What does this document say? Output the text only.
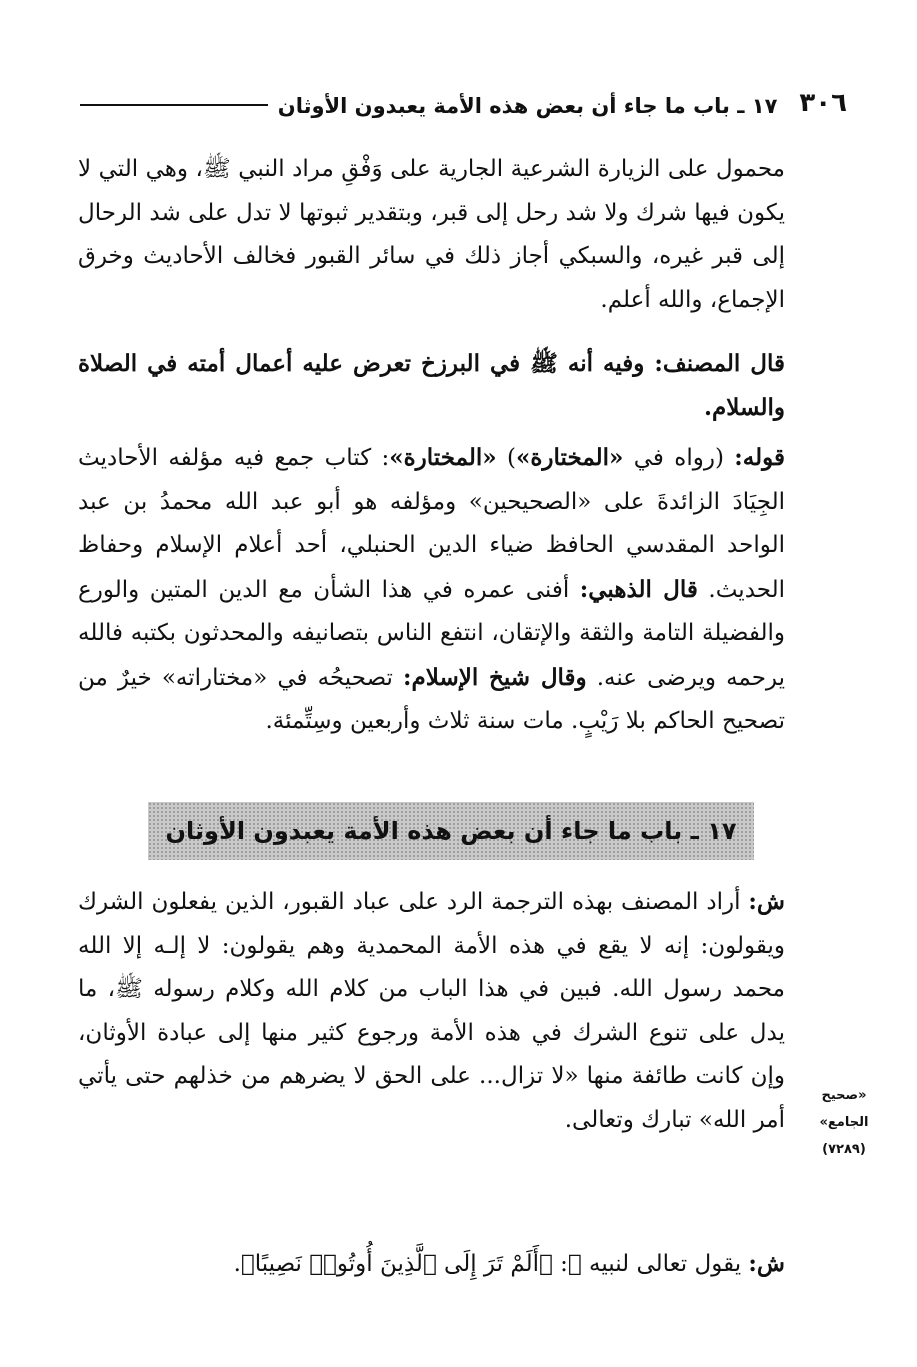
٣٠٦
١٧ ـ باب ما جاء أن بعض هذه الأمة يعبدون الأوثان
محمول على الزيارة الشرعية الجارية على وَفْقِ مراد النبي ﷺ، وهي التي لا يكون فيها شرك ولا شد رحل إلى قبر، وبتقدير ثبوتها لا تدل على شد الرحال إلى قبر غيره، والسبكي أجاز ذلك في سائر القبور فخالف الأحاديث وخرق الإجماع، والله أعلم.
قال المصنف: وفيه أنه ﷺ في البرزخ تعرض عليه أعمال أمته في الصلاة والسلام.
قوله: (رواه في «المختارة») «المختارة»: كتاب جمع فيه مؤلفه الأحاديث الجِيَادَ الزائدةَ على «الصحيحين» ومؤلفه هو أبو عبد الله محمدُ بن عبد الواحد المقدسي الحافظ ضياء الدين الحنبلي، أحد أعلام الإسلام وحفاظ الحديث. قال الذهبي: أفنى عمره في هذا الشأن مع الدين المتين والورع والفضيلة التامة والثقة والإتقان، انتفع الناس بتصانيفه والمحدثون بكتبه فالله يرحمه ويرضى عنه. وقال شيخ الإسلام: تصحيحُه في «مختاراته» خيرٌ من تصحيح الحاكم بلا رَيْبٍ. مات سنة ثلاث وأربعين وسِتِّمئة.
١٧ ـ باب ما جاء أن بعض هذه الأمة يعبدون الأوثان
ش: أراد المصنف بهذه الترجمة الرد على عباد القبور، الذين يفعلون الشرك ويقولون: إنه لا يقع في هذه الأمة المحمدية وهم يقولون: لا إلـه إلا الله محمد رسول الله. فبين في هذا الباب من كلام الله وكلام رسوله ﷺ، ما يدل على تنوع الشرك في هذه الأمة ورجوع كثير منها إلى عبادة الأوثان، وإن كانت طائفة منها «لا تزال... على الحق لا يضرهم من خذلهم حتى يأتي أمر الله» تبارك وتعالى.
«صحيح
الجامع»
(٧٢٨٩)
ش: يقول تعالى لنبيه ﷺ: ﴿أَلَمْ تَرَ إِلَى ٱلَّذِينَ أُوتُوا۟ نَصِيبًا﴾.
